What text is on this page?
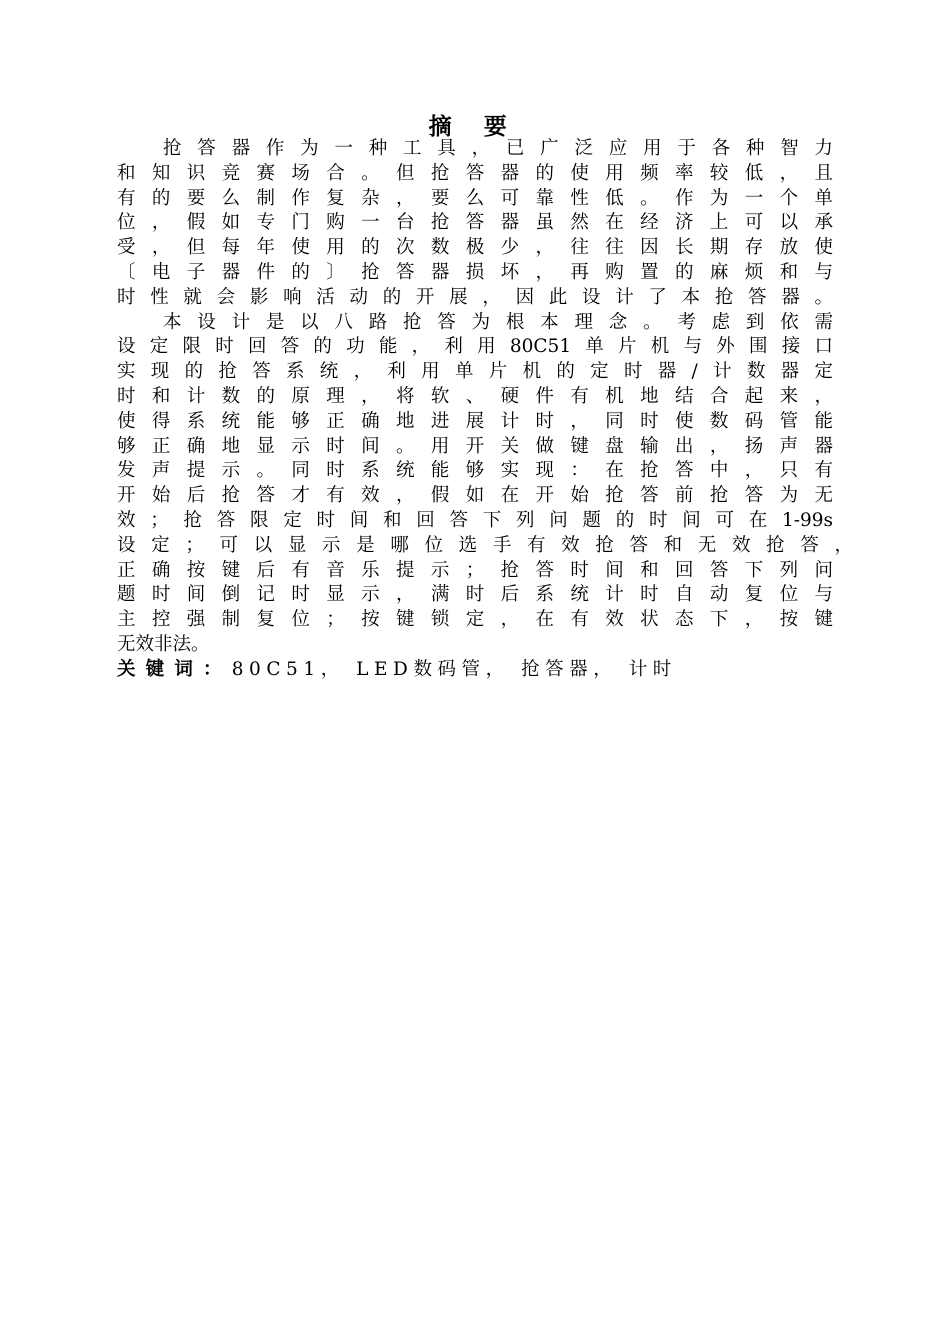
摘　要
抢答器作为一种工具，已广泛应用于各种智力
和知识竞赛场合。但抢答器的使用频率较低，且
有的要么制作复杂，要么可靠性低。作为一个单
位，假如专门购一台抢答器虽然在经济上可以承
受，但每年使用的次数极少，往往因长期存放使
〔电子器件的〕抢答器损坏，再购置的麻烦和与
时性就会影响活动的开展，因此设计了本抢答器。
本设计是以八路抢答为根本理念。考虑到依需
设定限时回答的功能，利用80C51单片机与外围接口
实现的抢答系统，利用单片机的定时器/计数器定
时和计数的原理，将软、硬件有机地结合起来，
使得系统能够正确地进展计时，同时使数码管能
够正确地显示时间。用开关做键盘输出，扬声器
发声提示。同时系统能够实现：在抢答中，只有
开始后抢答才有效，假如在开始抢答前抢答为无
效；抢答限定时间和回答下列问题的时间可在1-99s
设定；可以显示是哪位选手有效抢答和无效抢答，
正确按键后有音乐提示；抢答时间和回答下列问
题时间倒记时显示，满时后系统计时自动复位与
主控强制复位；按键锁定，在有效状态下，按键
无效非法。
关键词：80C51， LED数码管， 抢答器， 计时
